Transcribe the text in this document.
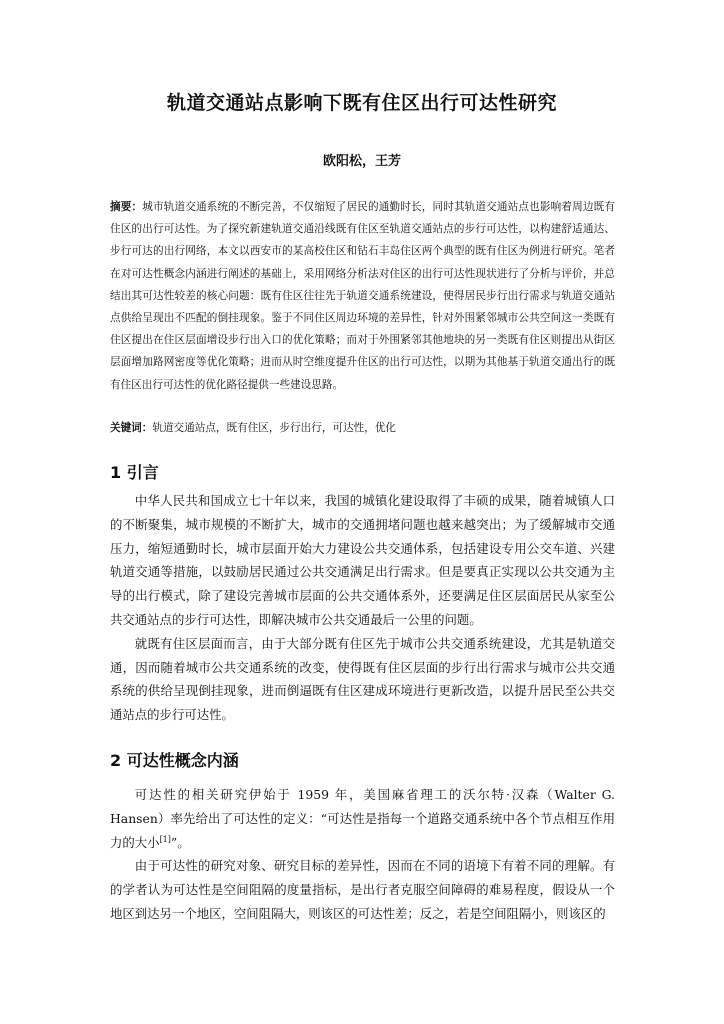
轨道交通站点影响下既有住区出行可达性研究
欧阳松，王芳
摘要：城市轨道交通系统的不断完善，不仅缩短了居民的通勤时长，同时其轨道交通站点也影响着周边既有住区的出行可达性。为了探究新建轨道交通沿线既有住区至轨道交通站点的步行可达性，以构建舒适通达、步行可达的出行网络，本文以西安市的某高校住区和钻石丰岛住区两个典型的既有住区为例进行研究。笔者在对可达性概念内涵进行阐述的基础上，采用网络分析法对住区的出行可达性现状进行了分析与评价，并总结出其可达性较差的核心问题：既有住区往往先于轨道交通系统建设，使得居民步行出行需求与轨道交通站点供给呈现出不匹配的倒挂现象。鉴于不同住区周边环境的差异性，针对外围紧邻城市公共空间这一类既有住区提出在住区层面增设步行出入口的优化策略；而对于外围紧邻其他地块的另一类既有住区则提出从街区层面增加路网密度等优化策略；进而从时空维度提升住区的出行可达性，以期为其他基于轨道交通出行的既有住区出行可达性的优化路径提供一些建设思路。
关键词：轨道交通站点，既有住区，步行出行，可达性，优化
1 引言

中华人民共和国成立七十年以来，我国的城镇化建设取得了丰硕的成果，随着城镇人口的不断聚集，城市规模的不断扩大，城市的交通拥堵问题也越来越突出；为了缓解城市交通压力，缩短通勤时长，城市层面开始大力建设公共交通体系，包括建设专用公交车道、兴建轨道交通等措施，以鼓励居民通过公共交通满足出行需求。但是要真正实现以公共交通为主导的出行模式，除了建设完善城市层面的公共交通体系外，还要满足住区层面居民从家至公共交通站点的步行可达性，即解决城市公共交通最后一公里的问题。

就既有住区层面而言，由于大部分既有住区先于城市公共交通系统建设，尤其是轨道交通，因而随着城市公共交通系统的改变，使得既有住区层面的步行出行需求与城市公共交通系统的供给呈现倒挂现象，进而倒逼既有住区建成环境进行更新改造，以提升居民至公共交通站点的步行可达性。

2 可达性概念内涵

可达性的相关研究伊始于 1959 年，美国麻省理工的沃尔特·汉森（Walter G. Hansen）率先给出了可达性的定义：“可达性是指每一个道路交通系统中各个节点相互作用力的大小[1]”。

由于可达性的研究对象、研究目标的差异性，因而在不同的语境下有着不同的理解。有的学者认为可达性是空间阻隔的度量指标，是出行者克服空间障碍的难易程度，假设从一个地区到达另一个地区，空间阻隔大，则该区的可达性差；反之，若是空间阻隔小，则该区的
